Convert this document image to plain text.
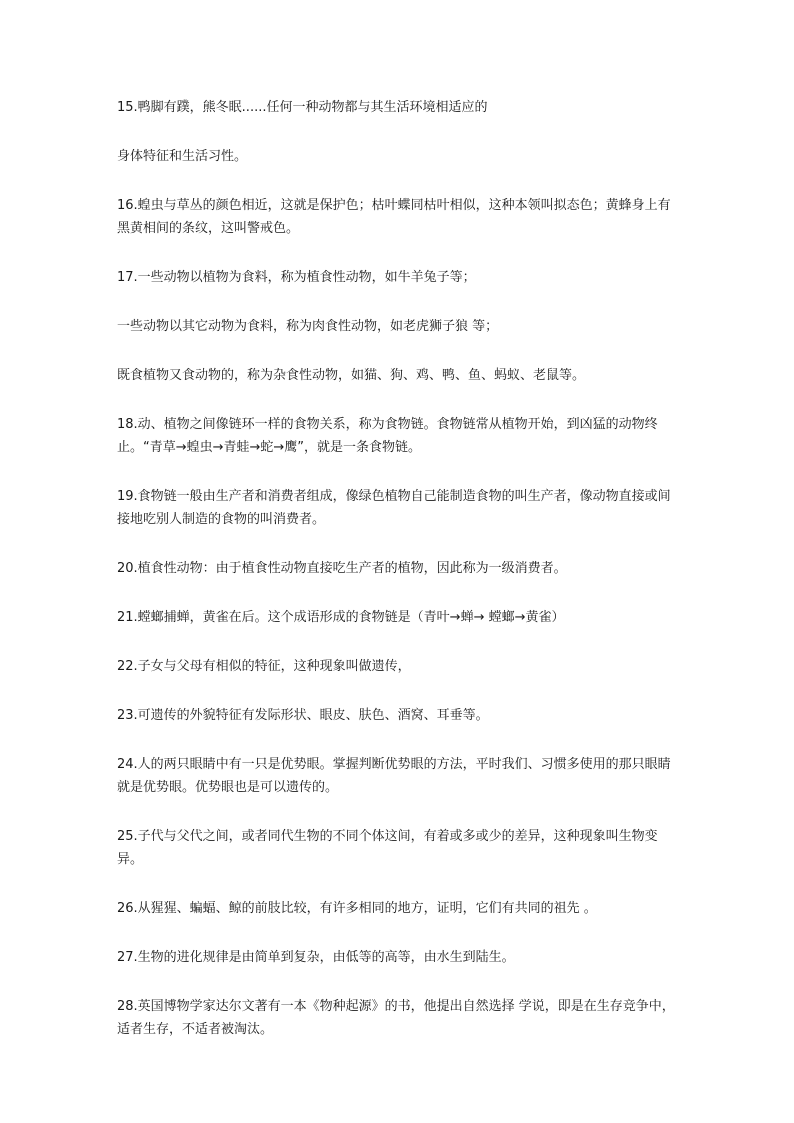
15.鸭脚有蹼，熊冬眠......任何一种动物都与其生活环境相适应的

身体特征和生活习性。

16.蝗虫与草丛的颜色相近，这就是保护色；枯叶蝶同枯叶相似，这种本领叫拟态色；黄蜂身上有黑黄相间的条纹，这叫警戒色。

17.一些动物以植物为食料，称为植食性动物，如牛羊兔子等；

一些动物以其它动物为食料，称为肉食性动物，如老虎狮子狼 等；

既食植物又食动物的，称为杂食性动物，如猫、狗、鸡、鸭、鱼、蚂蚁、老鼠等。

18.动、植物之间像链环一样的食物关系，称为食物链。食物链常从植物开始，到凶猛的动物终止。“青草→蝗虫→青蛙→蛇→鹰”，就是一条食物链。

19.食物链一般由生产者和消费者组成，像绿色植物自己能制造食物的叫生产者，像动物直接或间接地吃别人制造的食物的叫消费者。

20.植食性动物：由于植食性动物直接吃生产者的植物，因此称为一级消费者。

21.螳螂捕蝉，黄雀在后。这个成语形成的食物链是（青叶→蝉→ 螳螂→黄雀）

22.子女与父母有相似的特征，这种现象叫做遗传，

23.可遗传的外貌特征有发际形状、眼皮、肤色、酒窝、耳垂等。

24.人的两只眼睛中有一只是优势眼。掌握判断优势眼的方法，平时我们、习惯多使用的那只眼睛就是优势眼。优势眼也是可以遗传的。

25.子代与父代之间，或者同代生物的不同个体这间，有着或多或少的差异，这种现象叫生物变异。

26.从猩猩、蝙蝠、鲸的前肢比较，有许多相同的地方，证明，它们有共同的祖先 。

27.生物的进化规律是由简单到复杂，由低等的高等，由水生到陆生。

28.英国博物学家达尔文著有一本《物种起源》的书，他提出自然选择 学说，即是在生存竞争中，适者生存，不适者被淘汰。
